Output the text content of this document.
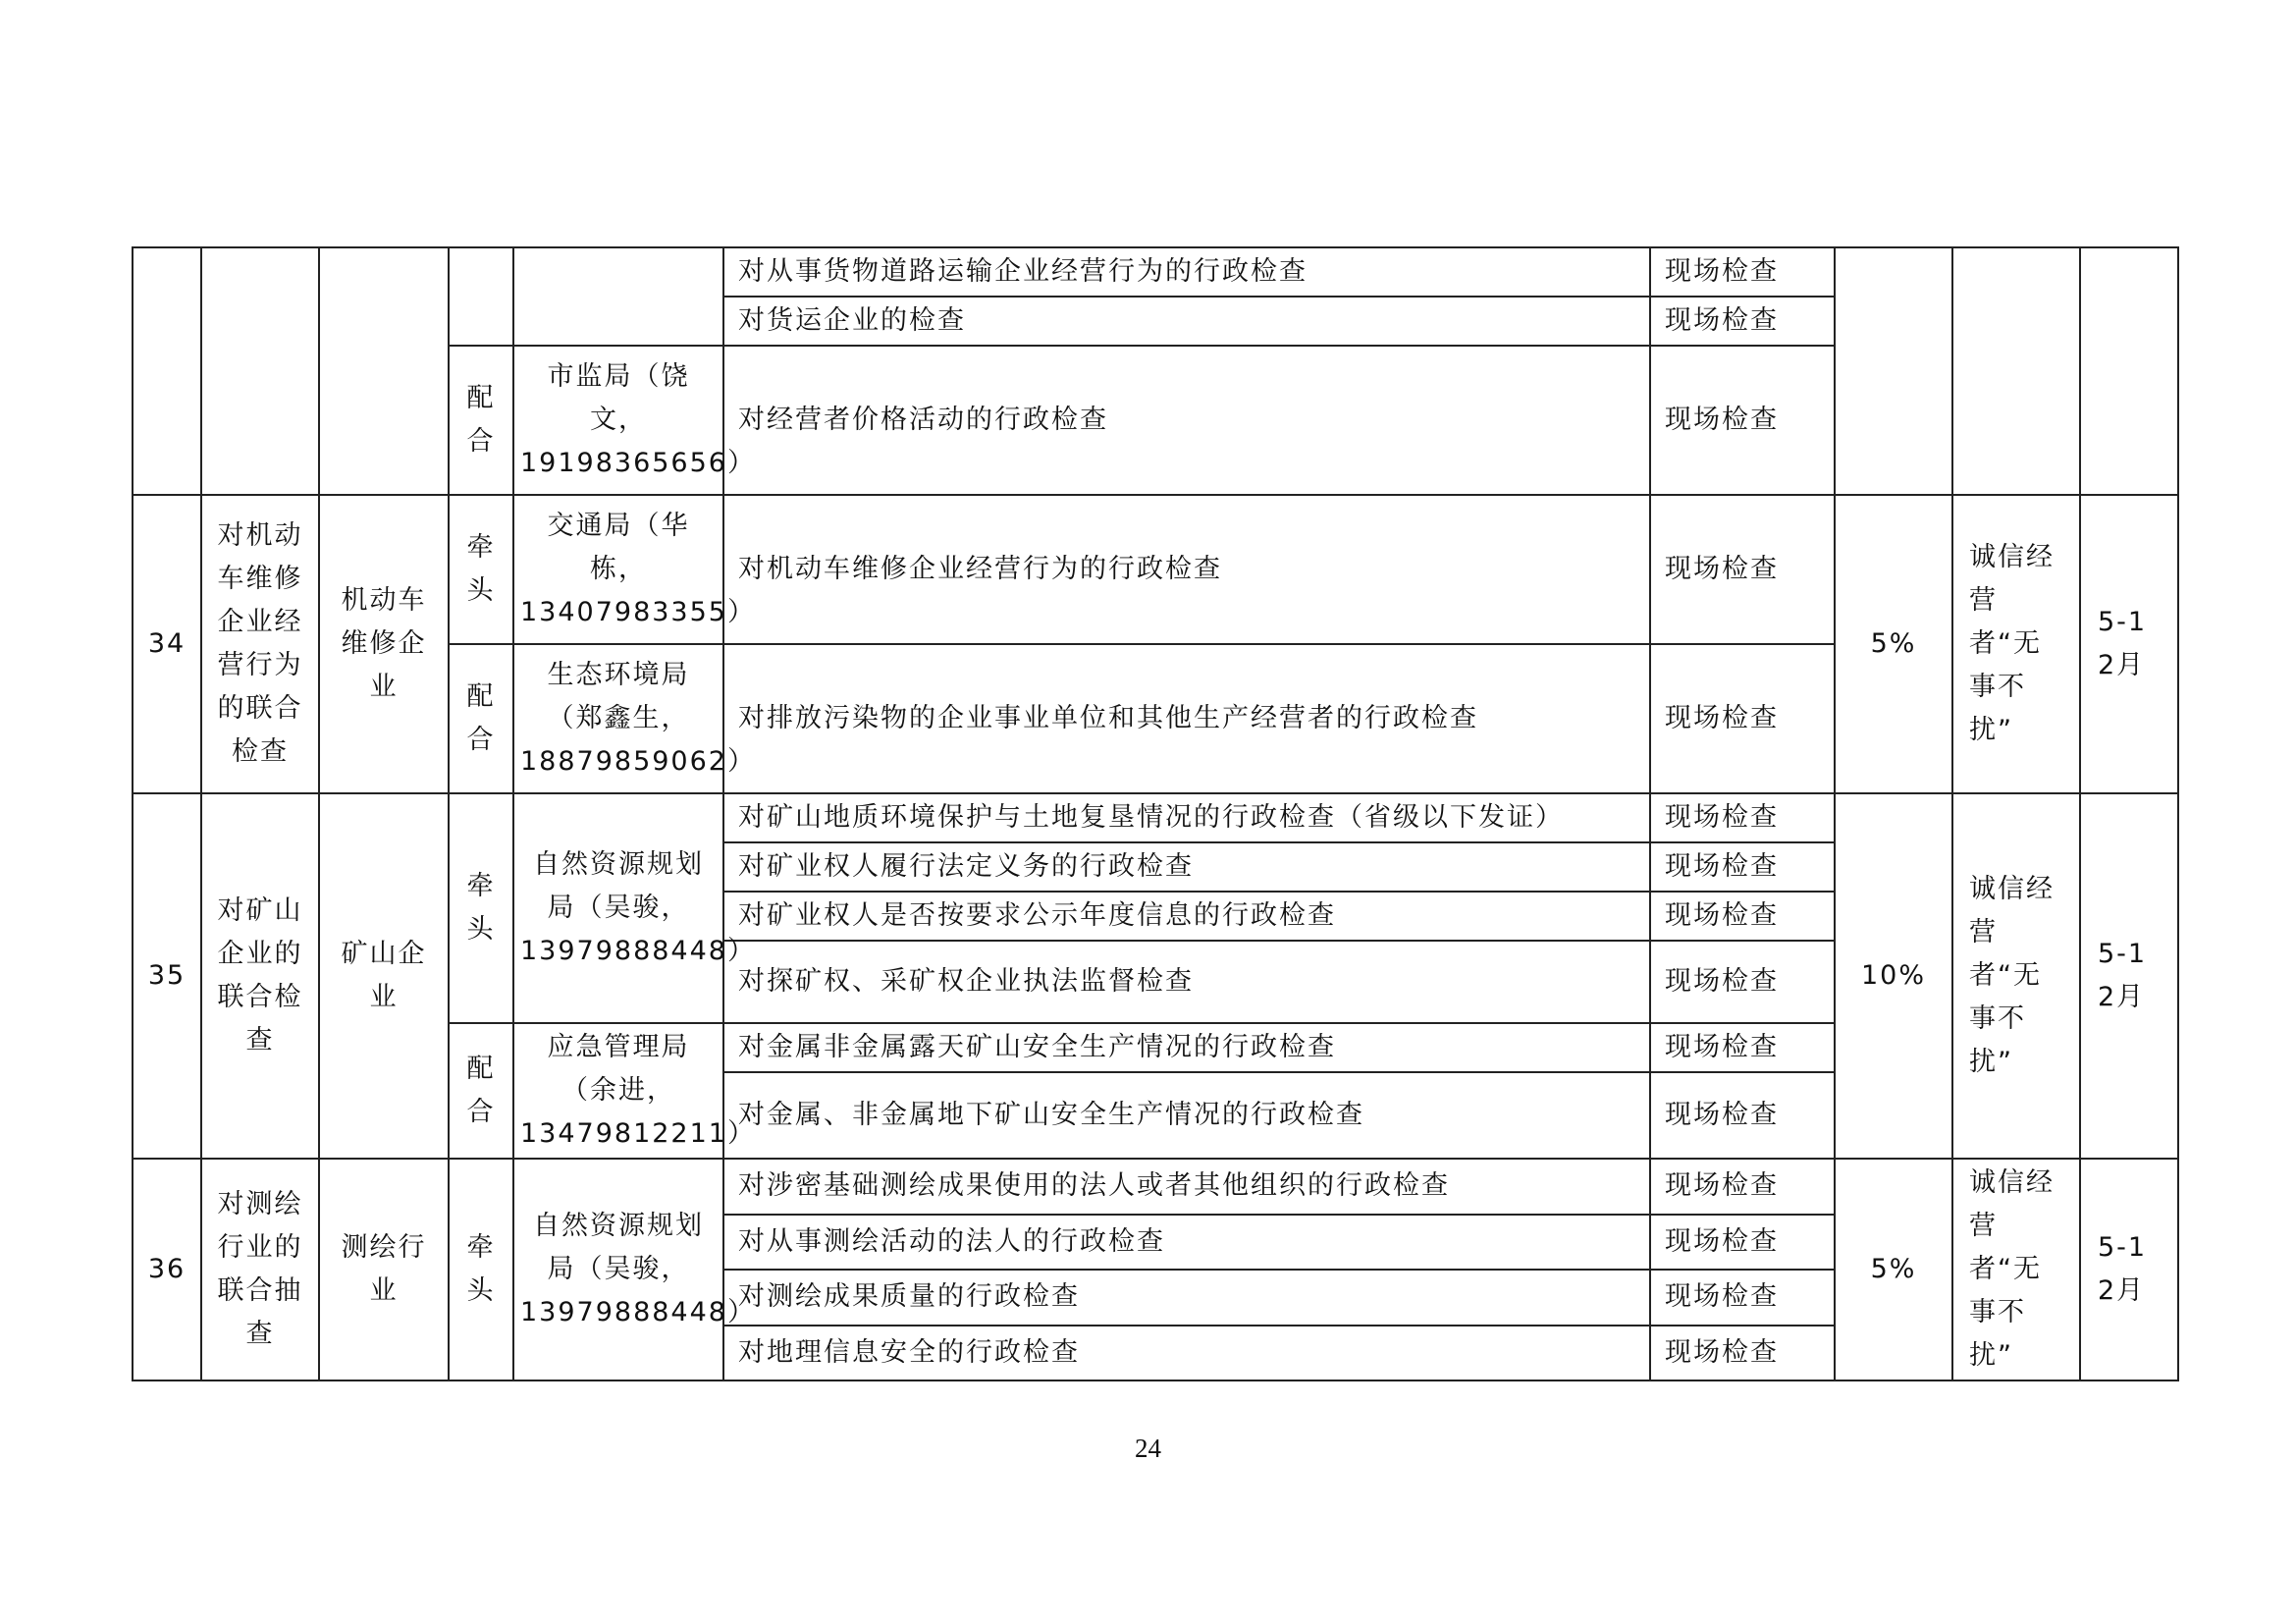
					对从事货物道路运输企业经营行为的行政检查	现场检查			
					对货运企业的检查	现场检查			
			配合	市监局（饶文，19198365656）	对经营者价格活动的行政检查	现场检查			
34	对机动车维修企业经营行为的联合检查	机动车维修企业	牵头	交通局（华栋，13407983355）	对机动车维修企业经营行为的行政检查	现场检查	5%	诚信经营者“无事不扰”	5-12月
			配合	生态环境局（郑鑫生，18879859062）	对排放污染物的企业事业单位和其他生产经营者的行政检查	现场检查			
35	对矿山企业的联合检查	矿山企业	牵头	自然资源规划局（吴骏，13979888448）	对矿山地质环境保护与土地复垦情况的行政检查（省级以下发证）	现场检查	10%	诚信经营者“无事不扰”	5-12月
					对矿业权人履行法定义务的行政检查	现场检查			
					对矿业权人是否按要求公示年度信息的行政检查	现场检查			
					对探矿权、采矿权企业执法监督检查	现场检查			
			配合	应急管理局（余进，13479812211）	对金属非金属露天矿山安全生产情况的行政检查	现场检查			
					对金属、非金属地下矿山安全生产情况的行政检查	现场检查			
36	对测绘行业的联合抽查	测绘行业	牵头	自然资源规划局（吴骏，13979888448）	对涉密基础测绘成果使用的法人或者其他组织的行政检查	现场检查	5%	诚信经营者“无事不扰”	5-12月
					对从事测绘活动的法人的行政检查	现场检查			
					对测绘成果质量的行政检查	现场检查			
					对地理信息安全的行政检查	现场检查			
24
